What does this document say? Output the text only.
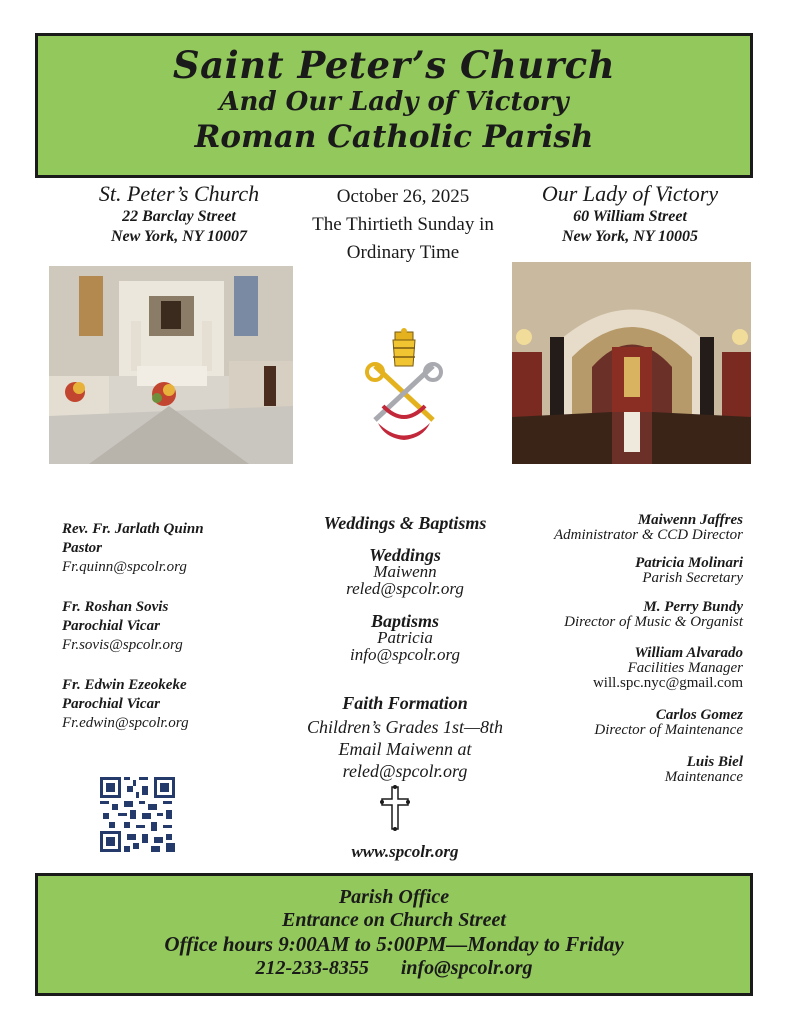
Saint Peter’s Church
And Our Lady of Victory
Roman Catholic Parish
St. Peter’s Church
22 Barclay Street
New York, NY 10007
October 26, 2025
The Thirtieth Sunday in
Ordinary Time
Our Lady of Victory
60 William Street
New York, NY 10005
Rev. Fr. Jarlath Quinn
Pastor
Fr.quinn@spcolr.org
Fr. Roshan Sovis
Parochial Vicar
Fr.sovis@spcolr.org
Fr. Edwin Ezeokeke
Parochial Vicar
Fr.edwin@spcolr.org
Weddings & Baptisms
Weddings
Maiwenn
reled@spcolr.org
Baptisms
Patricia
info@spcolr.org
Faith Formation
Children’s Grades 1st—8th
Email Maiwenn at
reled@spcolr.org
Maiwenn Jaffres
Administrator & CCD Director
Patricia Molinari
Parish Secretary
M. Perry Bundy
Director of Music & Organist
William Alvarado
Facilities Manager
will.spc.nyc@gmail.com
Carlos Gomez
Director of Maintenance
Luis Biel
Maintenance
www.spcolr.org
Parish Office
Entrance on Church Street
Office hours 9:00AM to 5:00PM—Monday to Friday
212-233-8355 info@spcolr.org
